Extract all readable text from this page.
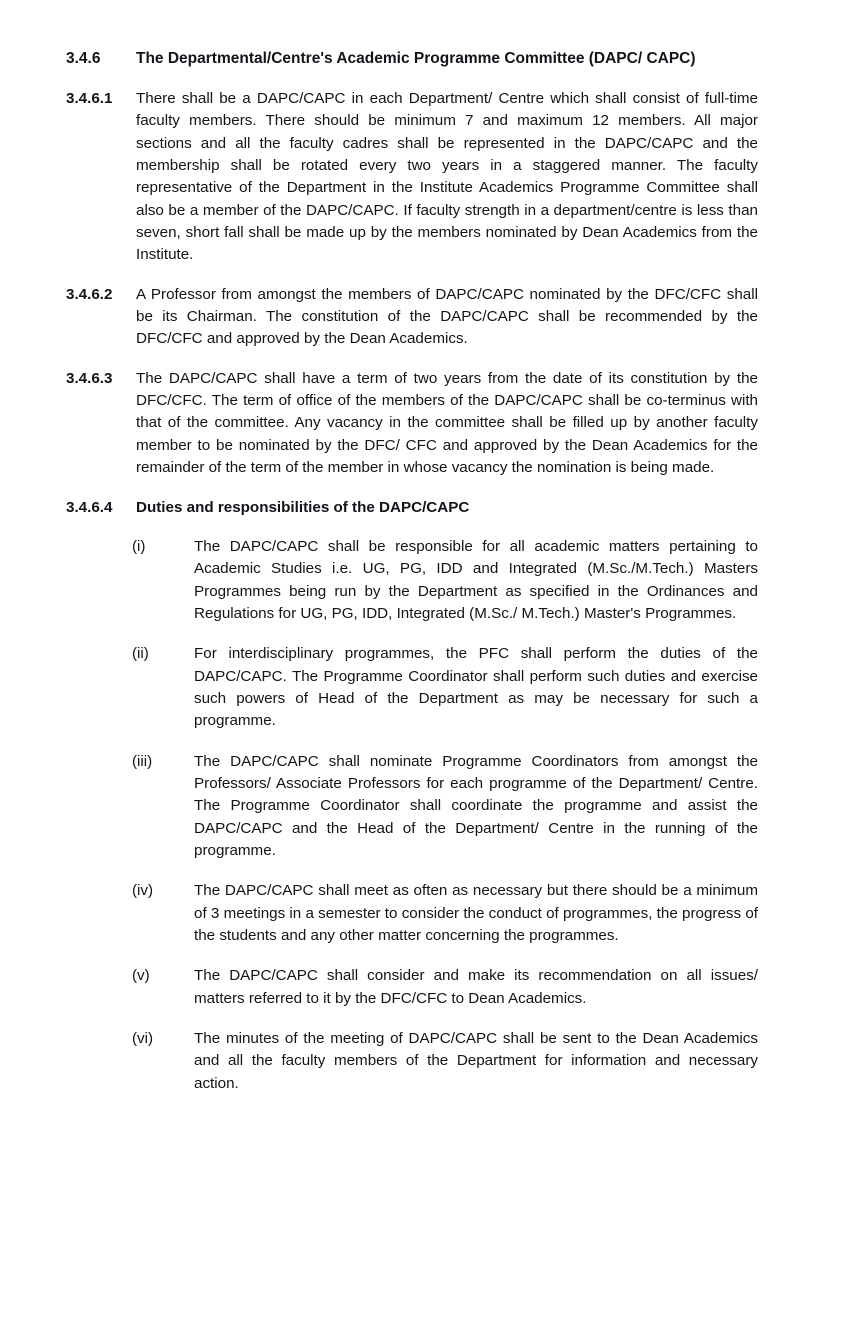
3.4.6	The Departmental/Centre's Academic Programme Committee (DAPC/ CAPC)
3.4.6.1	There shall be a DAPC/CAPC in each Department/ Centre which shall consist of full-time faculty members. There should be minimum 7 and maximum 12 members. All major sections and all the faculty cadres shall be represented in the DAPC/CAPC and the membership shall be rotated every two years in a staggered manner. The faculty representative of the Department in the Institute Academics Programme Committee shall also be a member of the DAPC/CAPC. If faculty strength in a department/centre is less than seven, short fall shall be made up by the members nominated by Dean Academics from the Institute.
3.4.6.2	A Professor from amongst the members of DAPC/CAPC nominated by the DFC/CFC shall be its Chairman. The constitution of the DAPC/CAPC shall be recommended by the DFC/CFC and approved by the Dean Academics.
3.4.6.3	The DAPC/CAPC shall have a term of two years from the date of its constitution by the DFC/CFC. The term of office of the members of the DAPC/CAPC shall be co-terminus with that of the committee. Any vacancy in the committee shall be filled up by another faculty member to be nominated by the DFC/ CFC and approved by the Dean Academics for the remainder of the term of the member in whose vacancy the nomination is being made.
3.4.6.4	Duties and responsibilities of the DAPC/CAPC
(i)	The DAPC/CAPC shall be responsible for all academic matters pertaining to Academic Studies i.e. UG, PG, IDD and Integrated (M.Sc./M.Tech.) Masters Programmes being run by the Department as specified in the Ordinances and Regulations for UG, PG, IDD, Integrated (M.Sc./ M.Tech.) Master's Programmes.
(ii)	For interdisciplinary programmes, the PFC shall perform the duties of the DAPC/CAPC. The Programme Coordinator shall perform such duties and exercise such powers of Head of the Department as may be necessary for such a programme.
(iii)	The DAPC/CAPC shall nominate Programme Coordinators from amongst the Professors/ Associate Professors for each programme of the Department/ Centre. The Programme Coordinator shall coordinate the programme and assist the DAPC/CAPC and the Head of the Department/ Centre in the running of the programme.
(iv)	The DAPC/CAPC shall meet as often as necessary but there should be a minimum of 3 meetings in a semester to consider the conduct of programmes, the progress of the students and any other matter concerning the programmes.
(v)	The DAPC/CAPC shall consider and make its recommendation on all issues/ matters referred to it by the DFC/CFC to Dean Academics.
(vi)	The minutes of the meeting of DAPC/CAPC shall be sent to the Dean Academics and all the faculty members of the Department for information and necessary action.
